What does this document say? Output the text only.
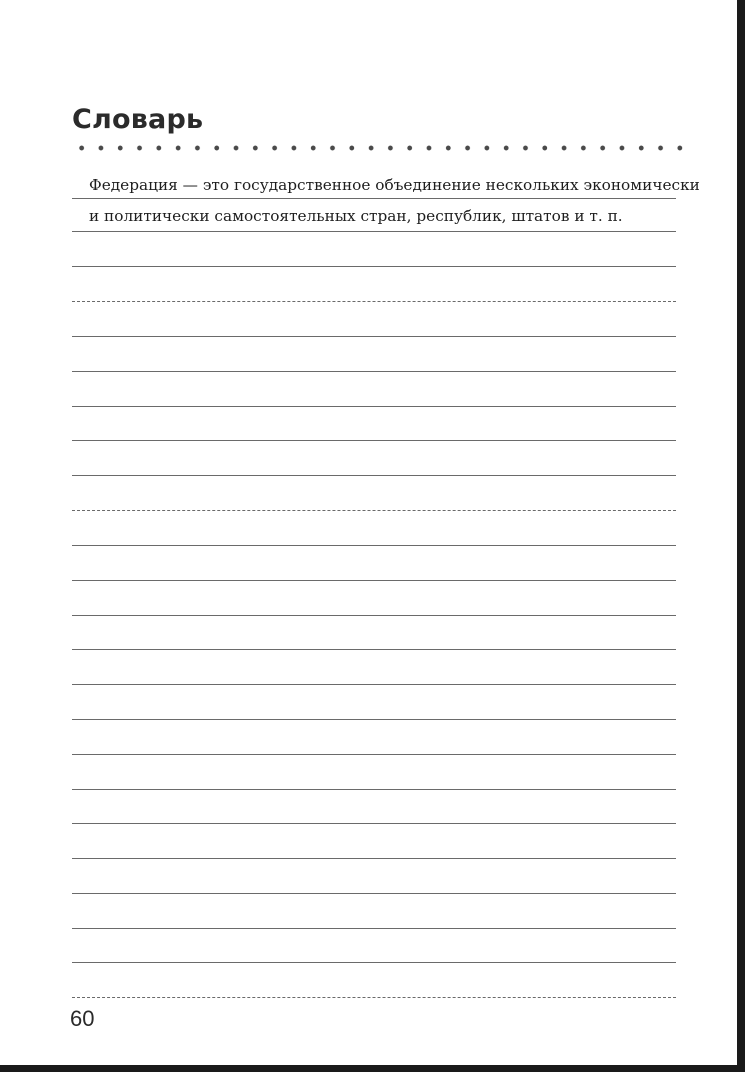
Словарь
Федерация — это государственное объединение нескольких экономически
и политически самостоятельных стран, республик, штатов и т. п.
60
